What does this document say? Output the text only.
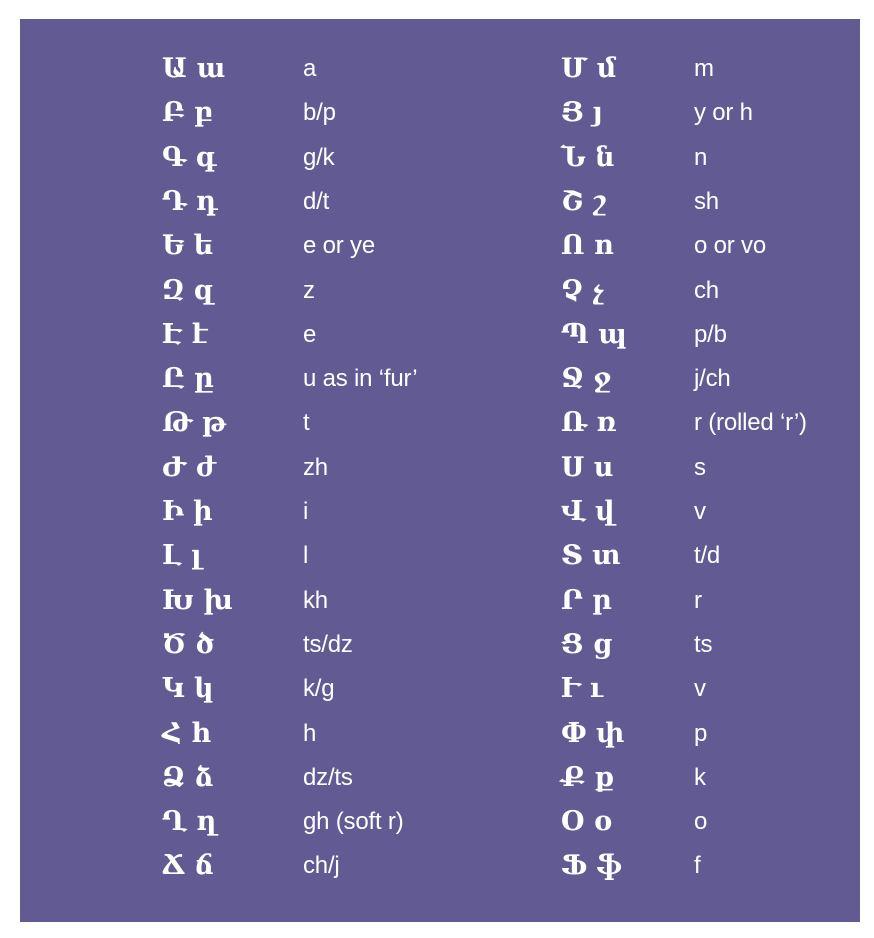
Ա ա	a
Բ բ	b/p
Գ գ	g/k
Դ դ	d/t
Ե ե	e or ye
Զ զ	z
Է է	e
Ը ը	u as in ‘fur’
Թ թ	t
Ժ ժ	zh
Ի ի	i
Լ լ	l
Խ խ	kh
Ծ ծ	ts/dz
Կ կ	k/g
Հ հ	h
Ձ ձ	dz/ts
Ղ ղ	gh (soft r)
Ճ ճ	ch/j
Մ մ	m
Յ յ	y or h
Ն ն	n
Շ շ	sh
Ո ո	o or vo
Չ չ	ch
Պ պ	p/b
Ջ ջ	j/ch
Ռ ռ	r (rolled ‘r’)
Ս ս	s
Վ վ	v
Տ տ	t/d
Ր ր	r
Ց ց	ts
Ւ ւ	v
Փ փ	p
Ք ք	k
Օ օ	o
Ֆ ֆ	f
